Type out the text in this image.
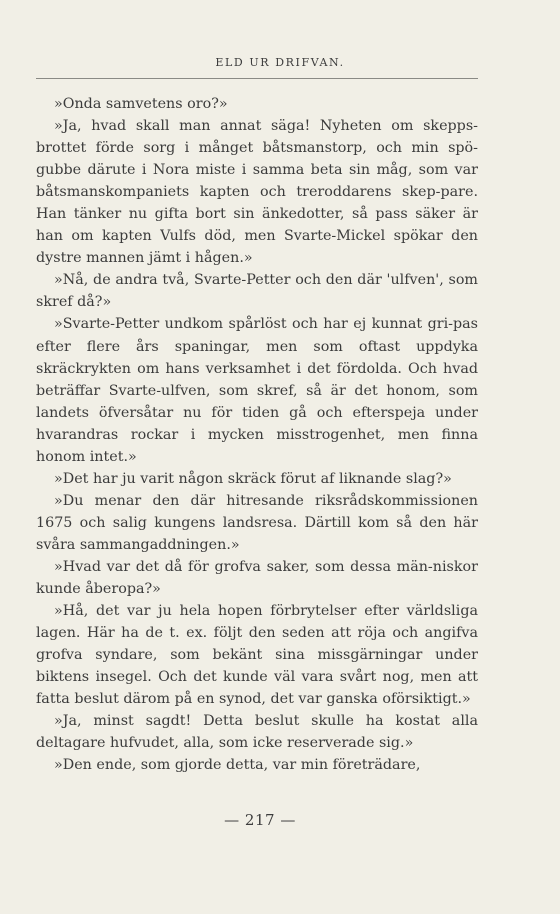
ELD UR DRIFVAN.

»Onda samvetens oro?»

»Ja, hvad skall man annat säga! Nyheten om skepps-brottet förde sorg i månget båtsmanstorp, och min spö-gubbe därute i Nora miste i samma beta sin måg, som var båtsmanskompaniets kapten och treroddarens skep-pare. Han tänker nu gifta bort sin änkedotter, så pass säker är han om kapten Vulfs död, men Svarte-Mickel spökar den dystre mannen jämt i hågen.»

»Nå, de andra två, Svarte-Petter och den där 'ulfven', som skref då?»

»Svarte-Petter undkom spårlöst och har ej kunnat gri-pas efter flere års spaningar, men som oftast uppdyka skräckrykten om hans verksamhet i det fördolda. Och hvad beträffar Svarte-ulfven, som skref, så är det honom, som landets öfversåtar nu för tiden gå och efterspeja under hvarandras rockar i mycken misstrogenhet, men finna honom intet.»

»Det har ju varit någon skräck förut af liknande slag?»

»Du menar den där hitresande riksrådskommissionen 1675 och salig kungens landsresa. Därtill kom så den här svåra sammangaddningen.»

»Hvad var det då för grofva saker, som dessa män-niskor kunde åberopa?»

»Hå, det var ju hela hopen förbrytelser efter världsliga lagen. Här ha de t. ex. följt den seden att röja och angifva grofva syndare, som bekänt sina missgärningar under biktens insegel. Och det kunde väl vara svårt nog, men att fatta beslut därom på en synod, det var ganska oförsiktigt.»

»Ja, minst sagdt! Detta beslut skulle ha kostat alla deltagare hufvudet, alla, som icke reserverade sig.»

»Den ende, som gjorde detta, var min företrädare,

— 217 —
